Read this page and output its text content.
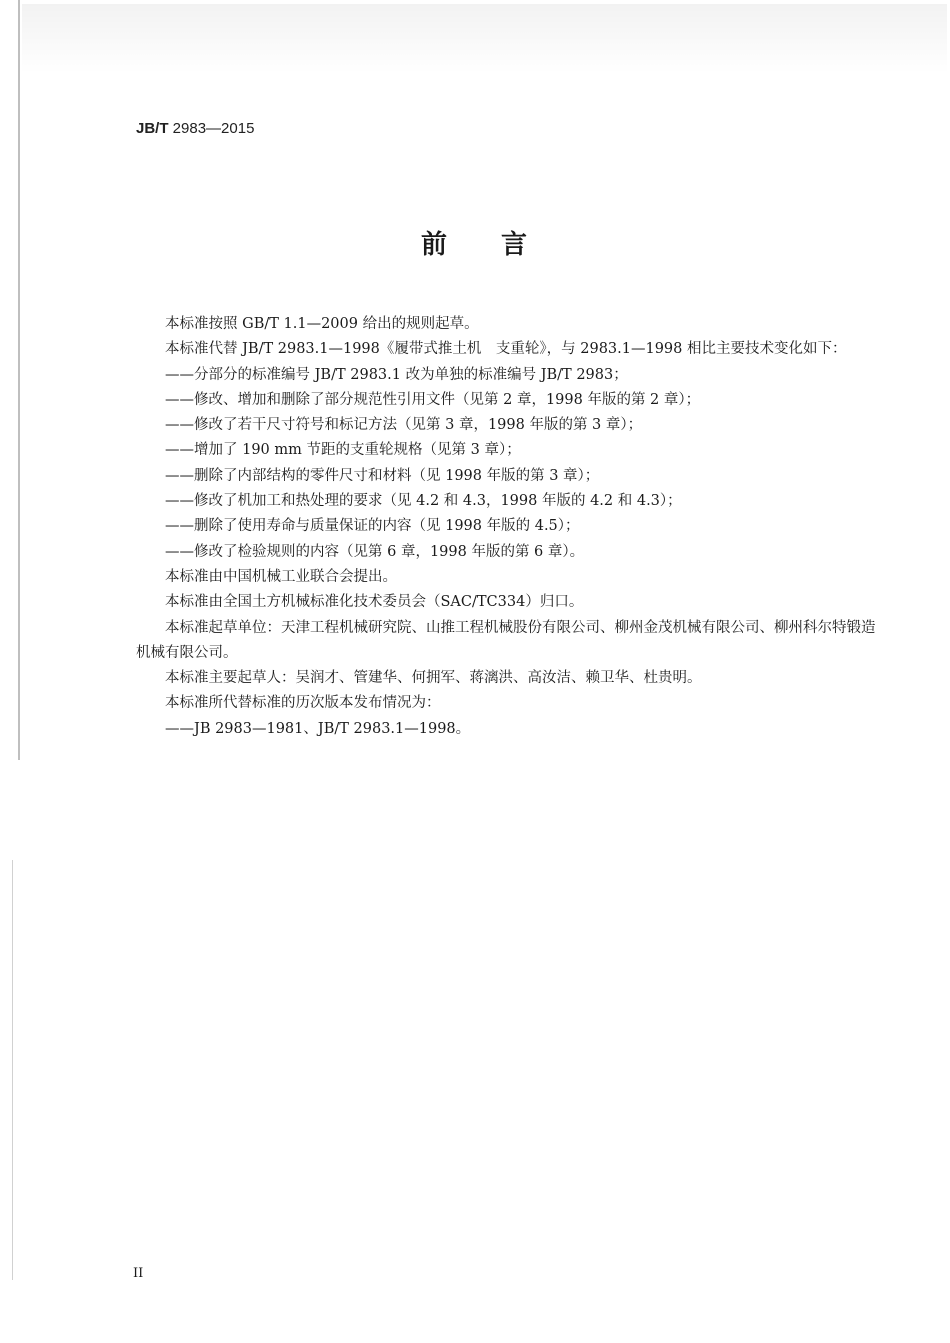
JB/T 2983—2015
前 言

本标准按照 GB/T 1.1—2009 给出的规则起草。

本标准代替 JB/T 2983.1—1998《履带式推土机　支重轮》，与 2983.1—1998 相比主要技术变化如下：

——分部分的标准编号 JB/T 2983.1 改为单独的标准编号 JB/T 2983；

——修改、增加和删除了部分规范性引用文件（见第 2 章，1998 年版的第 2 章）；

——修改了若干尺寸符号和标记方法（见第 3 章，1998 年版的第 3 章）；

——增加了 190 mm 节距的支重轮规格（见第 3 章）；

——删除了内部结构的零件尺寸和材料（见 1998 年版的第 3 章）；

——修改了机加工和热处理的要求（见 4.2 和 4.3，1998 年版的 4.2 和 4.3）；

——删除了使用寿命与质量保证的内容（见 1998 年版的 4.5）；

——修改了检验规则的内容（见第 6 章，1998 年版的第 6 章）。

本标准由中国机械工业联合会提出。

本标准由全国土方机械标准化技术委员会（SAC/TC334）归口。

本标准起草单位：天津工程机械研究院、山推工程机械股份有限公司、柳州金茂机械有限公司、柳州科尔特锻造机械有限公司。

本标准主要起草人：吴润才、管建华、何拥军、蒋漓洪、高汝洁、赖卫华、杜贵明。

本标准所代替标准的历次版本发布情况为：

——JB 2983—1981、JB/T 2983.1—1998。

II
